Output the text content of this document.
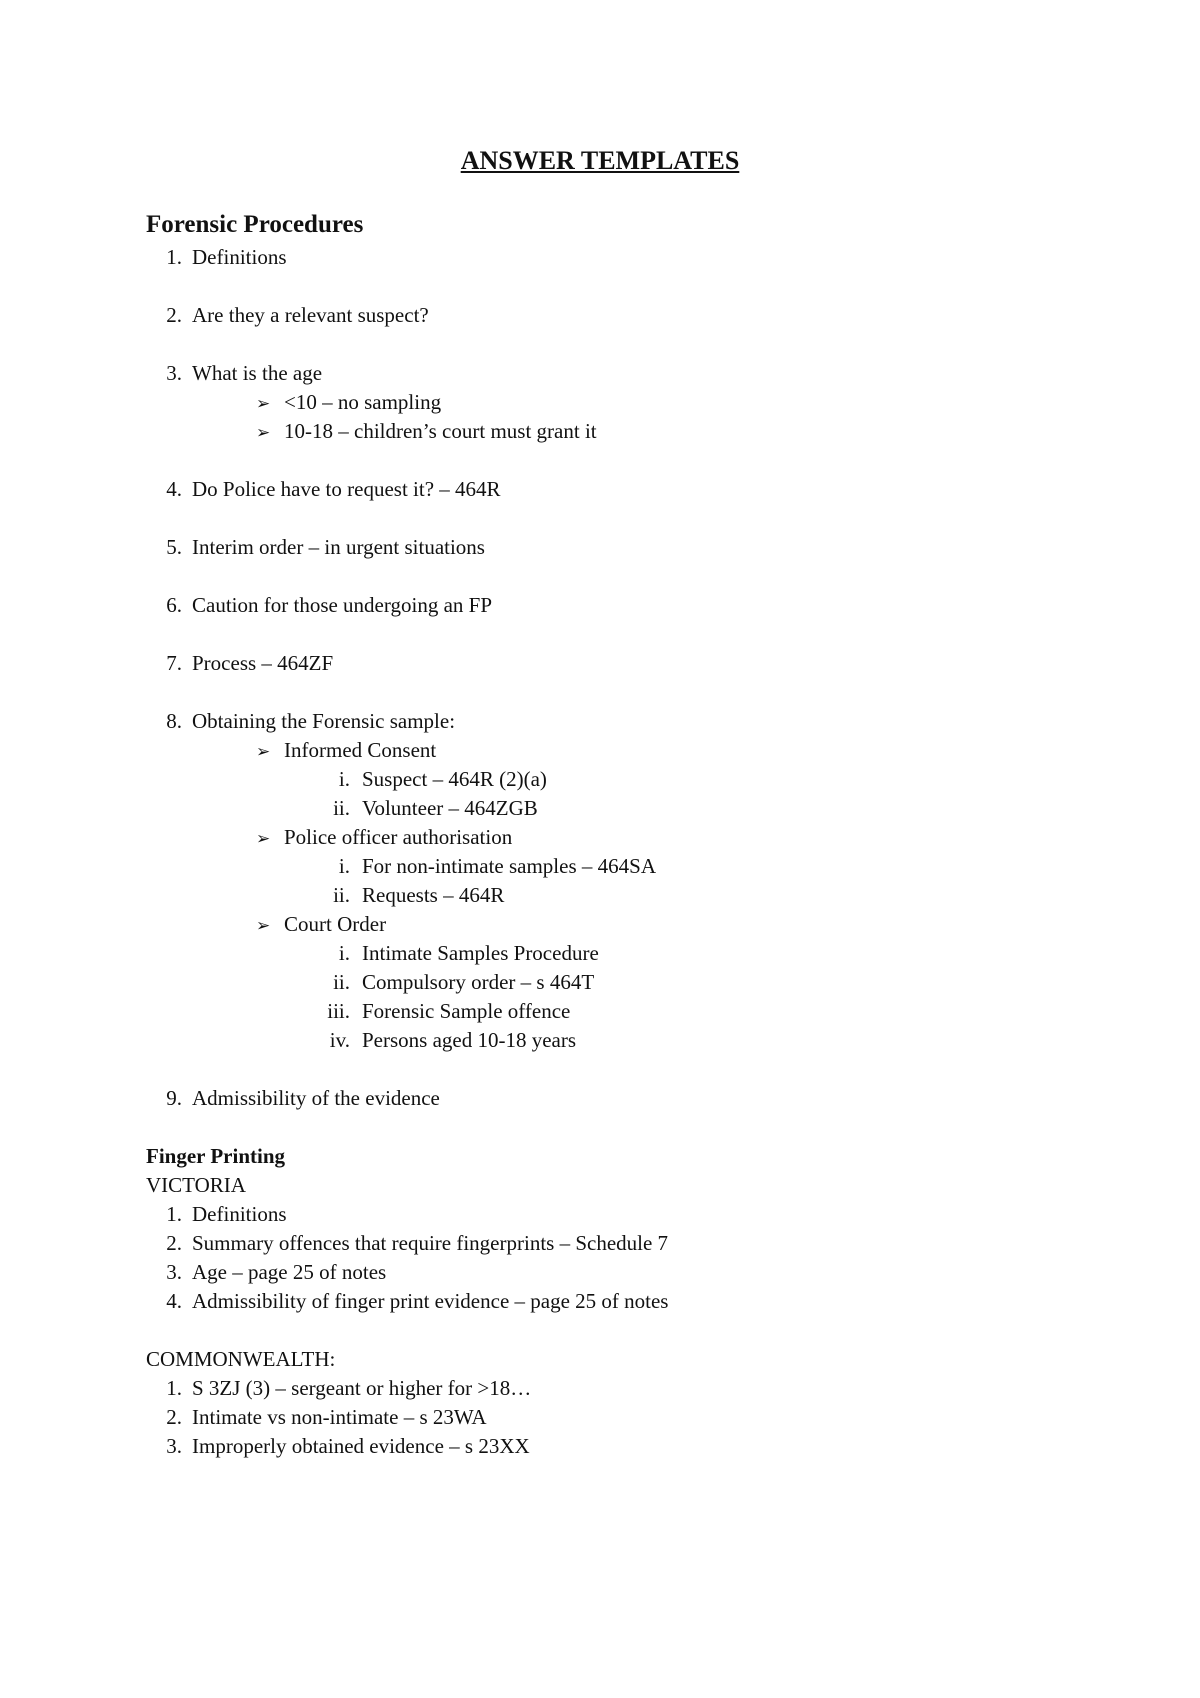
ANSWER TEMPLATES
Forensic Procedures
1. Definitions
2. Are they a relevant suspect?
3. What is the age
➢ <10 – no sampling
➢ 10-18 – children’s court must grant it
4. Do Police have to request it? – 464R
5. Interim order – in urgent situations
6. Caution for those undergoing an FP
7. Process – 464ZF
8. Obtaining the Forensic sample:
➢ Informed Consent
i. Suspect – 464R (2)(a)
ii. Volunteer – 464ZGB
➢ Police officer authorisation
i. For non-intimate samples – 464SA
ii. Requests – 464R
➢ Court Order
i. Intimate Samples Procedure
ii. Compulsory order – s 464T
iii. Forensic Sample offence
iv. Persons aged 10-18 years
9. Admissibility of the evidence
Finger Printing
VICTORIA
1. Definitions
2. Summary offences that require fingerprints – Schedule 7
3. Age – page 25 of notes
4. Admissibility of finger print evidence – page 25 of notes
COMMONWEALTH:
1. S 3ZJ (3) – sergeant or higher for >18…
2. Intimate vs non-intimate – s 23WA
3. Improperly obtained evidence – s 23XX
